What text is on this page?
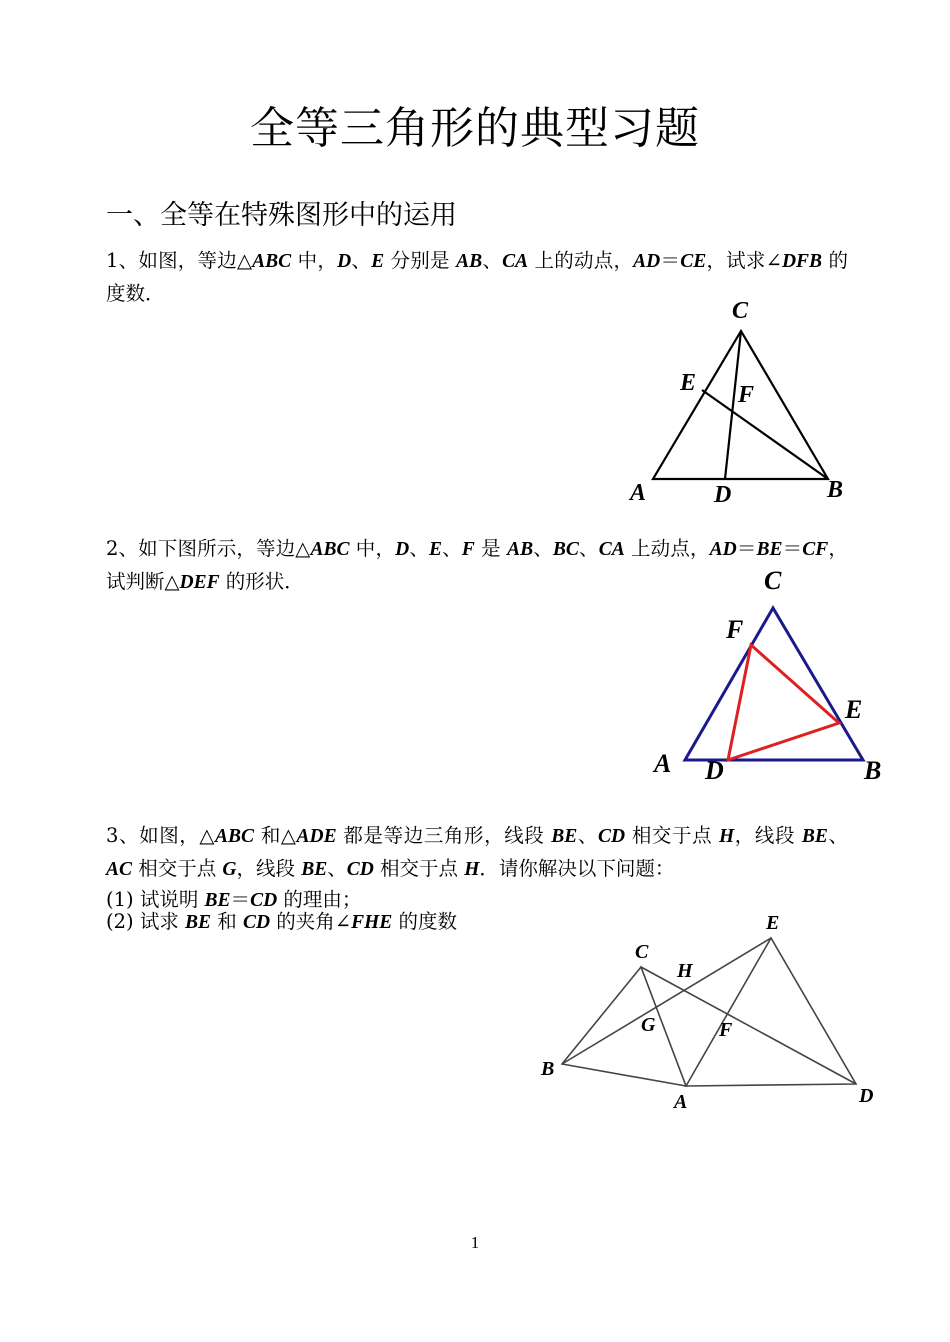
全等三角形的典型习题
一、全等在特殊图形中的运用
1、如图，等边△ABC 中，D、E 分别是 AB、CA 上的动点，AD＝CE，试求∠DFB 的度数．
C
E F
A	D	B
2、如下图所示，等边△ABC 中，D、E、F 是 AB、BC、CA 上动点，AD＝BE＝CF，试判断△DEF 的形状．	C
F
E
A D	B
3、如图，△ABC 和△ADE 都是等边三角形，线段 BE、CD 相交于点 H，线段 BE、AC 相交于点 G，线段 BE、CD 相交于点 H．请你解决以下问题：
(1) 试说明 BE＝CD 的理由；
(2) 试求 BE 和 CD 的夹角∠FHE 的度数	E
C
H
G	F
B
A	D
1
